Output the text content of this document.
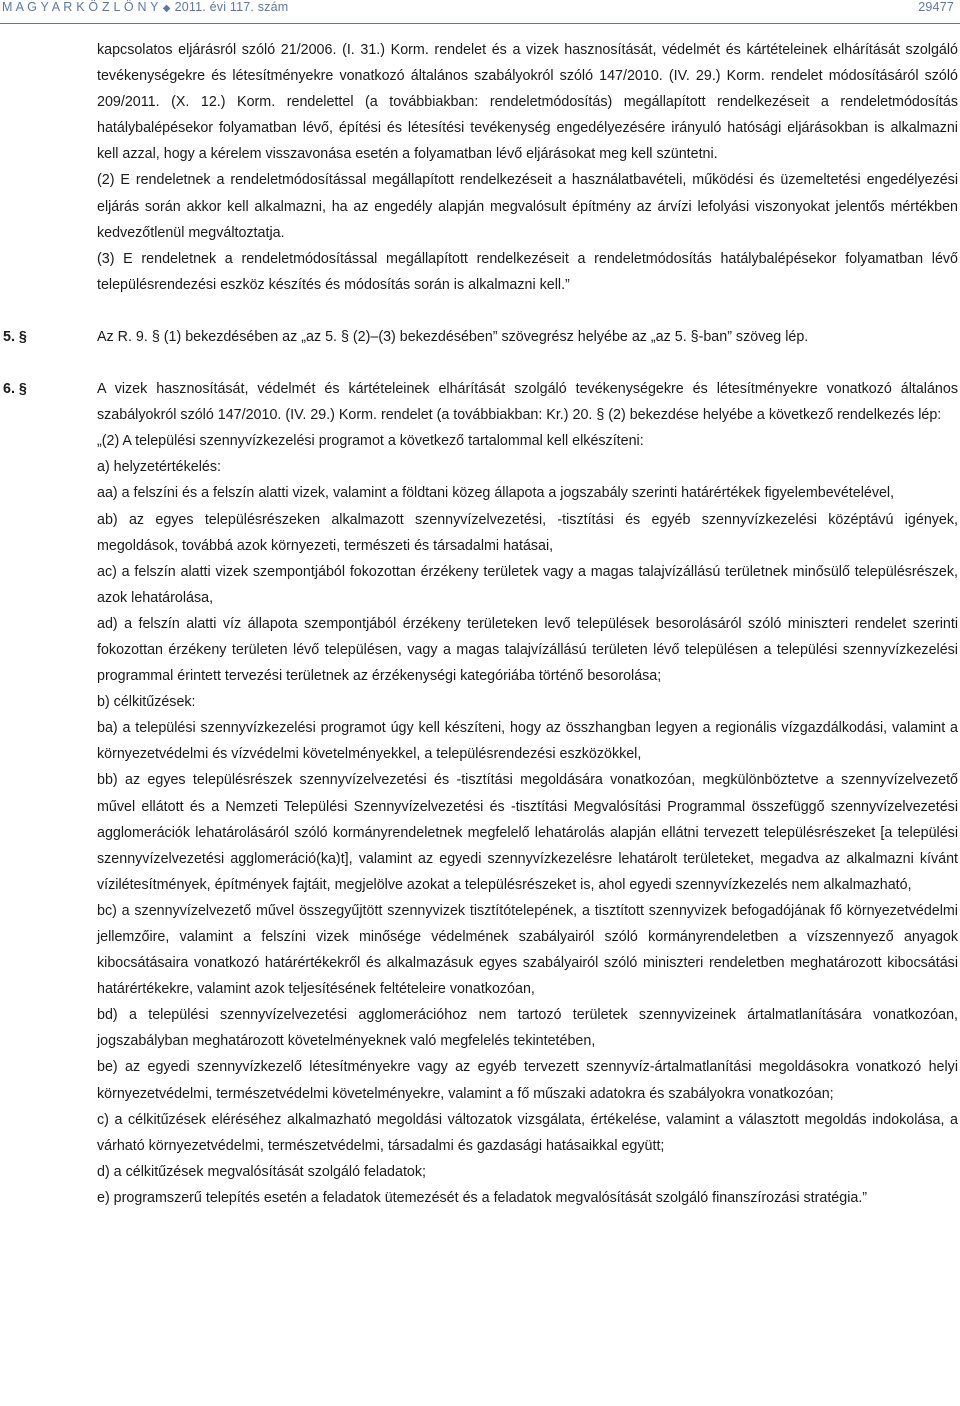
M A G Y A R K Ö Z L Ö N Y ◆ 2011. évi 117. szám	29477

kapcsolatos eljárásról szóló 21/2006. (I. 31.) Korm. rendelet és a vizek hasznosítását, védelmét és kártételeinek elhárítását szolgáló tevékenységekre és létesítményekre vonatkozó általános szabályokról szóló 147/2010. (IV. 29.) Korm. rendelet módosításáról szóló 209/2011. (X. 12.) Korm. rendelettel (a továbbiakban: rendeletmódosítás) megállapított rendelkezéseit a rendeletmódosítás hatálybalépésekor folyamatban lévő, építési és létesítési tevékenység engedélyezésére irányuló hatósági eljárásokban is alkalmazni kell azzal, hogy a kérelem visszavonása esetén a folyamatban lévő eljárásokat meg kell szüntetni.

(2) E rendeletnek a rendeletmódosítással megállapított rendelkezéseit a használatbavételi, működési és üzemeltetési engedélyezési eljárás során akkor kell alkalmazni, ha az engedély alapján megvalósult építmény az árvízi lefolyási viszonyokat jelentős mértékben kedvezőtlenül megváltoztatja.

(3) E rendeletnek a rendeletmódosítással megállapított rendelkezéseit a rendeletmódosítás hatálybalépésekor folyamatban lévő településrendezési eszköz készítés és módosítás során is alkalmazni kell.”

5. §	Az R. 9. § (1) bekezdésében az „az 5. § (2)–(3) bekezdésében” szövegrész helyébe az „az 5. §-ban” szöveg lép.

6. §	A vizek hasznosítását, védelmét és kártételeinek elhárítását szolgáló tevékenységekre és létesítményekre vonatkozó általános szabályokról szóló 147/2010. (IV. 29.) Korm. rendelet (a továbbiakban: Kr.) 20. § (2) bekezdése helyébe a következő rendelkezés lép:

„(2) A települési szennyvízkezelési programot a következő tartalommal kell elkészíteni:

a) helyzetértékelés:

aa) a felszíni és a felszín alatti vizek, valamint a földtani közeg állapota a jogszabály szerinti határértékek figyelembevételével,

ab) az egyes településrészeken alkalmazott szennyvízelvezetési, -tisztítási és egyéb szennyvízkezelési középtávú igények, megoldások, továbbá azok környezeti, természeti és társadalmi hatásai,

ac) a felszín alatti vizek szempontjából fokozottan érzékeny területek vagy a magas talajvízállású területnek minősülő településrészek, azok lehatárolása,

ad) a felszín alatti víz állapota szempontjából érzékeny területeken levő települések besorolásáról szóló miniszteri rendelet szerinti fokozottan érzékeny területen lévő településen, vagy a magas talajvízállású területen lévő településen a települési szennyvízkezelési programmal érintett tervezési területnek az érzékenységi kategóriába történő besorolása;

b) célkitűzések:

ba) a települési szennyvízkezelési programot úgy kell készíteni, hogy az összhangban legyen a regionális vízgazdálkodási, valamint a környezetvédelmi és vízvédelmi követelményekkel, a településrendezési eszközökkel,

bb) az egyes településrészek szennyvízelvezetési és -tisztítási megoldására vonatkozóan, megkülönböztetve a szennyvízelvezető művel ellátott és a Nemzeti Települési Szennyvízelvezetési és -tisztítási Megvalósítási Programmal összefüggő szennyvízelvezetési agglomerációk lehatárolásáról szóló kormányrendeletnek megfelelő lehatárolás alapján ellátni tervezett településrészeket [a települési szennyvízelvezetési agglomeráció(ka)t], valamint az egyedi szennyvízkezelésre lehatárolt területeket, megadva az alkalmazni kívánt vízilétesítmények, építmények fajtáit, megjelölve azokat a településrészeket is, ahol egyedi szennyvízkezelés nem alkalmazható,

bc) a szennyvízelvezető művel összegyűjtött szennyvizek tisztítótelepének, a tisztított szennyvizek befogadójának fő környezetvédelmi jellemzőire, valamint a felszíni vizek minősége védelmének szabályairól szóló kormányrendeletben a vízszennyező anyagok kibocsátásaira vonatkozó határértékekről és alkalmazásuk egyes szabályairól szóló miniszteri rendeletben meghatározott kibocsátási határértékekre, valamint azok teljesítésének feltételeire vonatkozóan,

bd) a települési szennyvízelvezetési agglomerációhoz nem tartozó területek szennyvizeinek ártalmatlanítására vonatkozóan, jogszabályban meghatározott követelményeknek való megfelelés tekintetében,

be) az egyedi szennyvízkezelő létesítményekre vagy az egyéb tervezett szennyvíz-ártalmatlanítási megoldásokra vonatkozó helyi környezetvédelmi, természetvédelmi követelményekre, valamint a fő műszaki adatokra és szabályokra vonatkozóan;

c) a célkitűzések eléréséhez alkalmazható megoldási változatok vizsgálata, értékelése, valamint a választott megoldás indokolása, a várható környezetvédelmi, természetvédelmi, társadalmi és gazdasági hatásaikkal együtt;

d) a célkitűzések megvalósítását szolgáló feladatok;

e) programszerű telepítés esetén a feladatok ütemezését és a feladatok megvalósítását szolgáló finanszírozási stratégia.”
